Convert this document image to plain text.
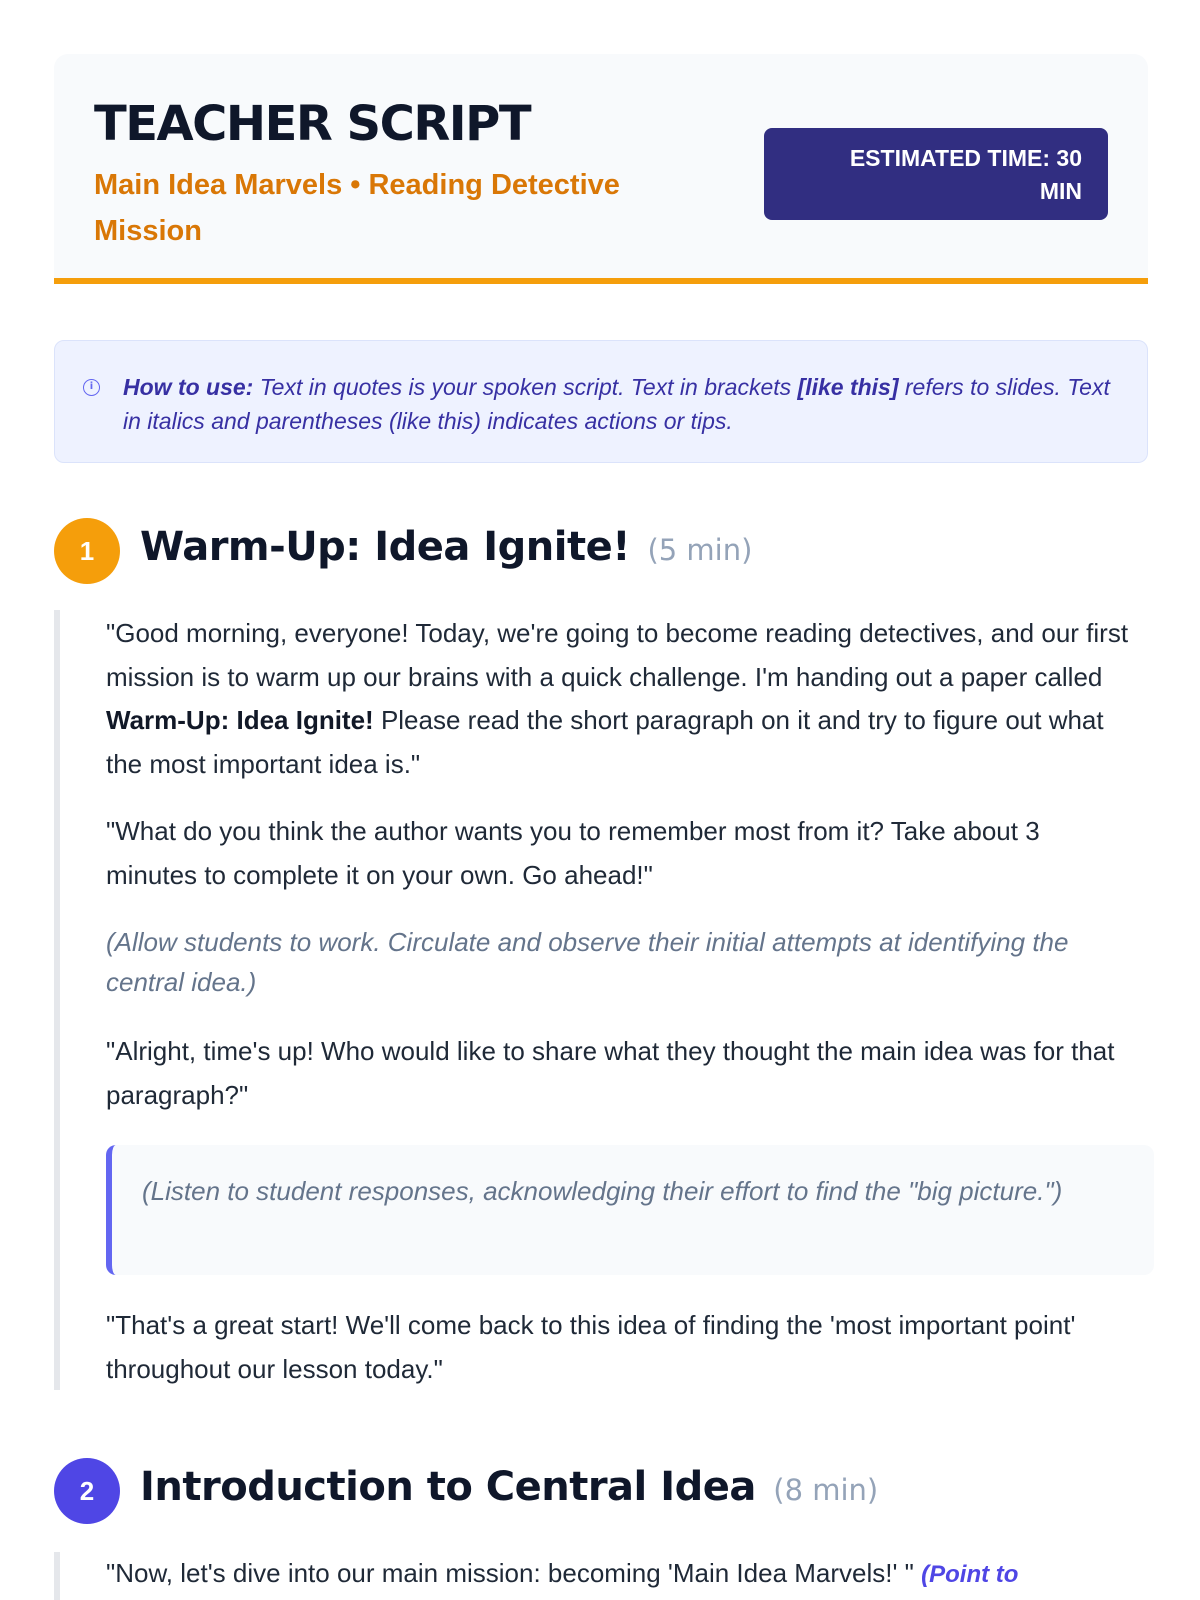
TEACHER SCRIPT
Main Idea Marvels • Reading Detective Mission
ESTIMATED TIME: 30 MIN
i How to use: Text in quotes is your spoken script. Text in brackets [like this] refers to slides. Text in italics and parentheses (like this) indicates actions or tips.
1	Warm-Up: Idea Ignite! (5 min)
"Good morning, everyone! Today, we're going to become reading detectives, and our first mission is to warm up our brains with a quick challenge. I'm handing out a paper called Warm-Up: Idea Ignite! Please read the short paragraph on it and try to figure out what the most important idea is."
"What do you think the author wants you to remember most from it? Take about 3 minutes to complete it on your own. Go ahead!"
(Allow students to work. Circulate and observe their initial attempts at identifying the central idea.)
"Alright, time's up! Who would like to share what they thought the main idea was for that paragraph?"
(Listen to student responses, acknowledging their effort to find the "big picture.")
"That's a great start! We'll come back to this idea of finding the 'most important point' throughout our lesson today."
2	Introduction to Central Idea (8 min)
"Now, let's dive into our main mission: becoming 'Main Idea Marvels!' " (Point to
